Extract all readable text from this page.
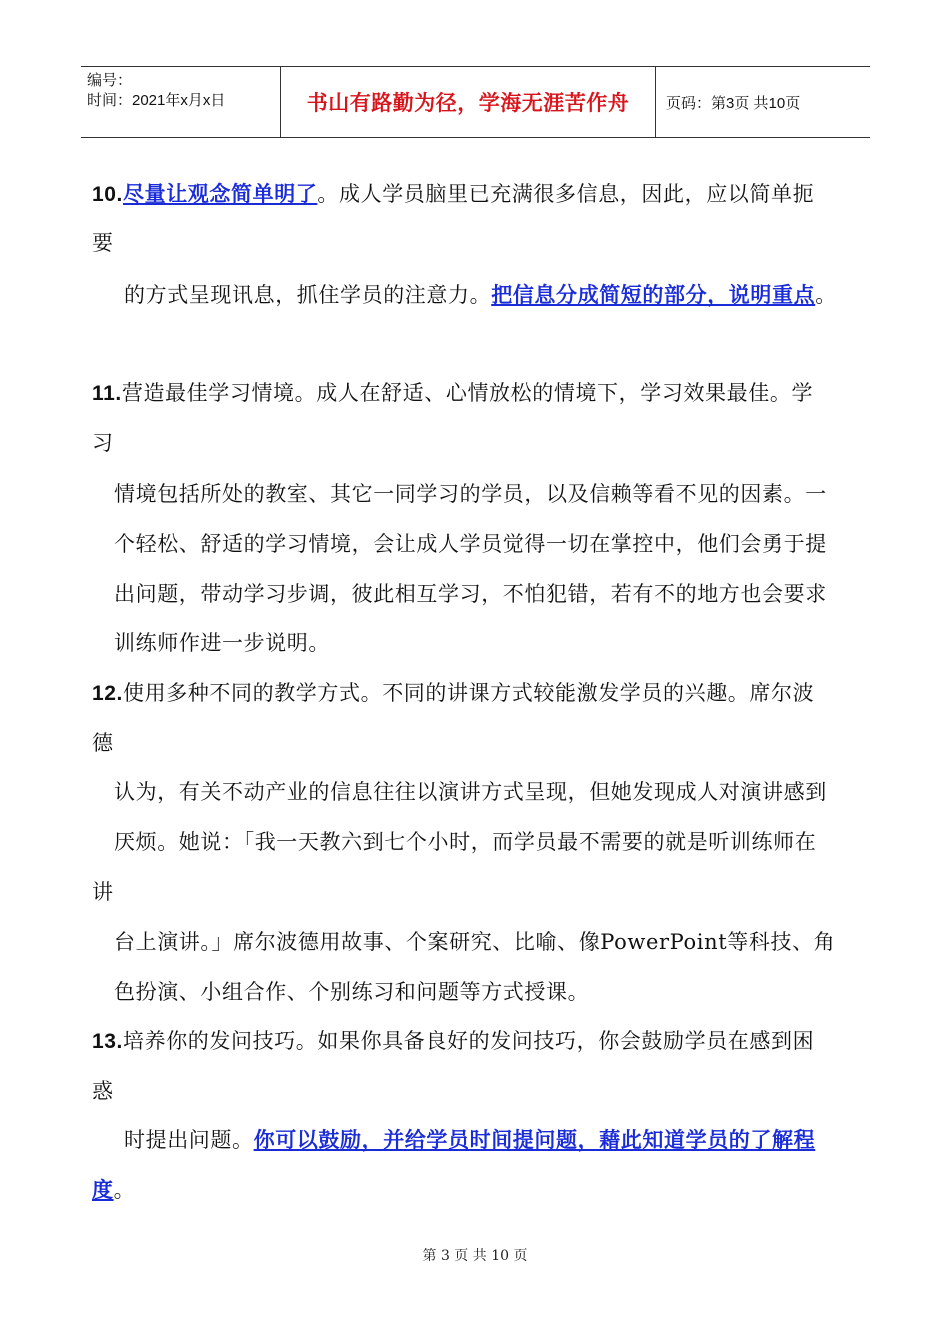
编号：
时间：2021年x月x日	书山有路勤为径，学海无涯苦作舟	页码：第3页 共10页
10.尽量让观念简单明了。成人学员脑里已充满很多信息，因此，应以简单扼
要
的方式呈现讯息，抓住学员的注意力。把信息分成简短的部分，说明重点。
11.营造最佳学习情境。成人在舒适、心情放松的情境下，学习效果最佳。学
习
情境包括所处的教室、其它一同学习的学员，以及信赖等看不见的因素。一
个轻松、舒适的学习情境，会让成人学员觉得一切在掌控中，他们会勇于提
出问题，带动学习步调，彼此相互学习，不怕犯错，若有不的地方也会要求
训练师作进一步说明。
12.使用多种不同的教学方式。不同的讲课方式较能激发学员的兴趣。席尔波
德
认为，有关不动产业的信息往往以演讲方式呈现，但她发现成人对演讲感到
厌烦。她说：「我一天教六到七个小时，而学员最不需要的就是听训练师在
讲
台上演讲。」席尔波德用故事、个案研究、比喻、像PowerPoint等科技、角
色扮演、小组合作、个别练习和问题等方式授课。
13.培养你的发问技巧。如果你具备良好的发问技巧，你会鼓励学员在感到困
惑
时提出问题。你可以鼓励，并给学员时间提问题，藉此知道学员的了解程
度。
第 3 页 共 10 页
